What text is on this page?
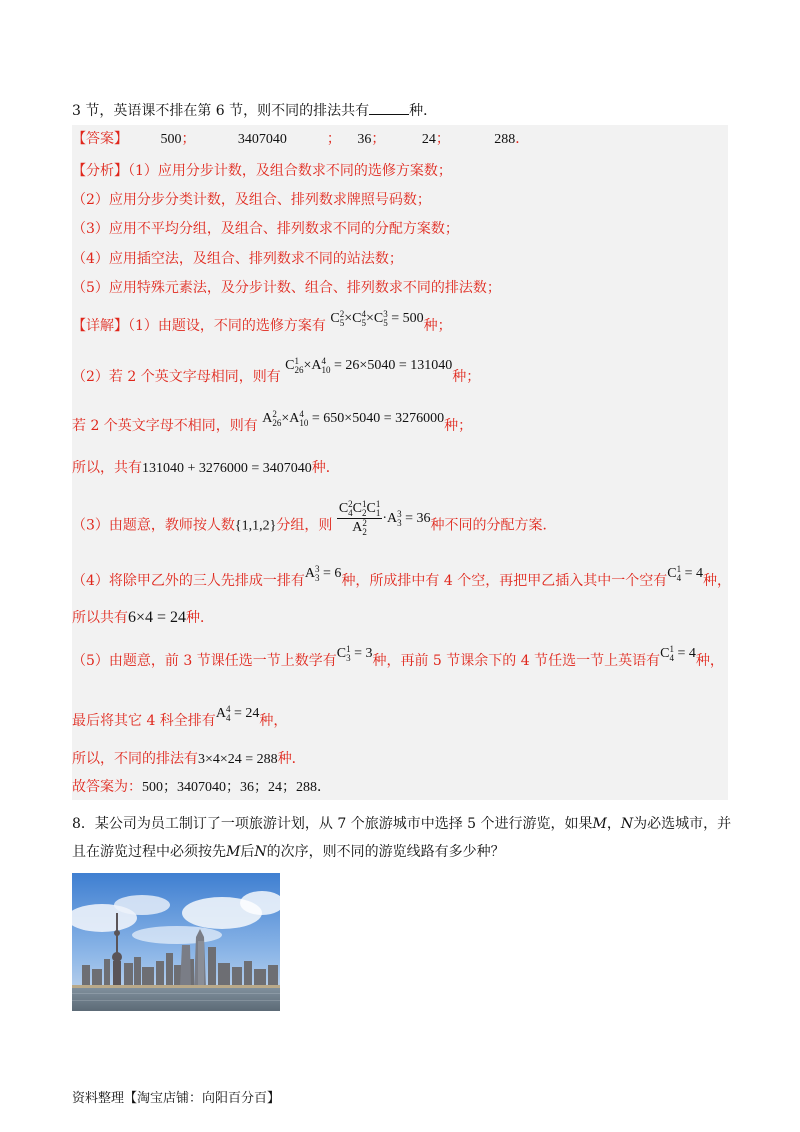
3 节，英语课不排在第 6 节，则不同的排法共有	种．
【答案】 500；	3407040	； 36；	24；	288．
【分析】（1）应用分步计数，及组合数求不同的选修方案数；
（2）应用分步分类计数，及组合、排列数求牌照号码数；
（3）应用不平均分组，及组合、排列数求不同的分配方案数；
（4）应用插空法，及组合、排列数求不同的站法数；
（5）应用特殊元素法，及分步计数、组合、排列数求不同的排法数；
【详解】（1）由题设，不同的选修方案有 C 2
5 ×C 4
5 ×C 3
5 = 500种；
（2）若 2 个英文字母相同，则有 C 1
26 ×A 4
10 = 26×5040 = 131040种；
若 2 个英文字母不相同，则有 A 2
26 ×A 4
10 = 650×5040 = 3276000种；
所以，共有131040 + 3276000 = 3407040种．
（3）由题意，教师按人数{1,1,2}分组，则 C 2
4 C 1
2 C 1
1
A 2
2 ·A 3
3 = 36种不同的分配方案．
（4）将除甲乙外的三人先排成一排有A 3
3 = 6种，所成排中有 4 个空，再把甲乙插入其中一个空有C 1
4 = 4种，
所以共有6×4 = 24种．
（5）由题意，前 3 节课任选一节上数学有C 1
3 = 3种，再前 5 节课余下的 4 节任选一节上英语有C 1
4 = 4种，
最后将其它 4 科全排有A 4
4 = 24种，
所以，不同的排法有3×4×24 = 288种．
故答案为：500；3407040；36；24；288．
8．某公司为员工制订了一项旅游计划，从 7 个旅游城市中选择 5 个进行游览，如果M，N为必选城市，并
且在游览过程中必须按先M后N的次序，则不同的游览线路有多少种？
资料整理【淘宝店铺：向阳百分百】
